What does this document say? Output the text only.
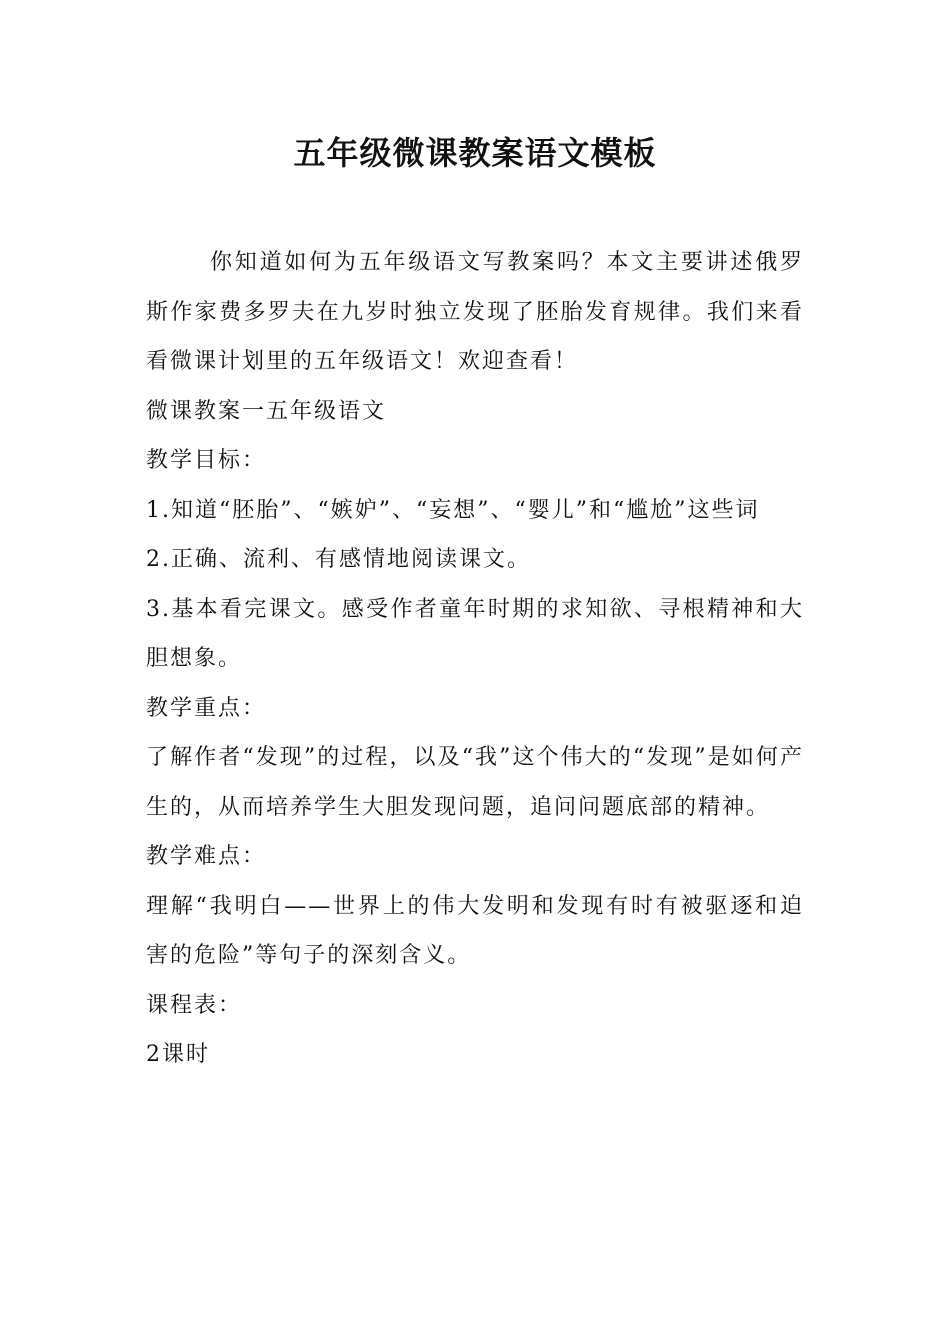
五年级微课教案语文模板

你知道如何为五年级语文写教案吗？本文主要讲述俄罗斯作家费多罗夫在九岁时独立发现了胚胎发育规律。我们来看看微课计划里的五年级语文！欢迎查看！

微课教案一五年级语文

教学目标：

1.知道“胚胎”、“嫉妒”、“妄想”、“婴儿”和“尴尬”这些词

2.正确、流利、有感情地阅读课文。

3.基本看完课文。感受作者童年时期的求知欲、寻根精神和大胆想象。

教学重点：

了解作者“发现”的过程，以及“我”这个伟大的“发现”是如何产生的，从而培养学生大胆发现问题，追问问题底部的精神。

教学难点：

理解“我明白——世界上的伟大发明和发现有时有被驱逐和迫害的危险”等句子的深刻含义。

课程表：

2课时
